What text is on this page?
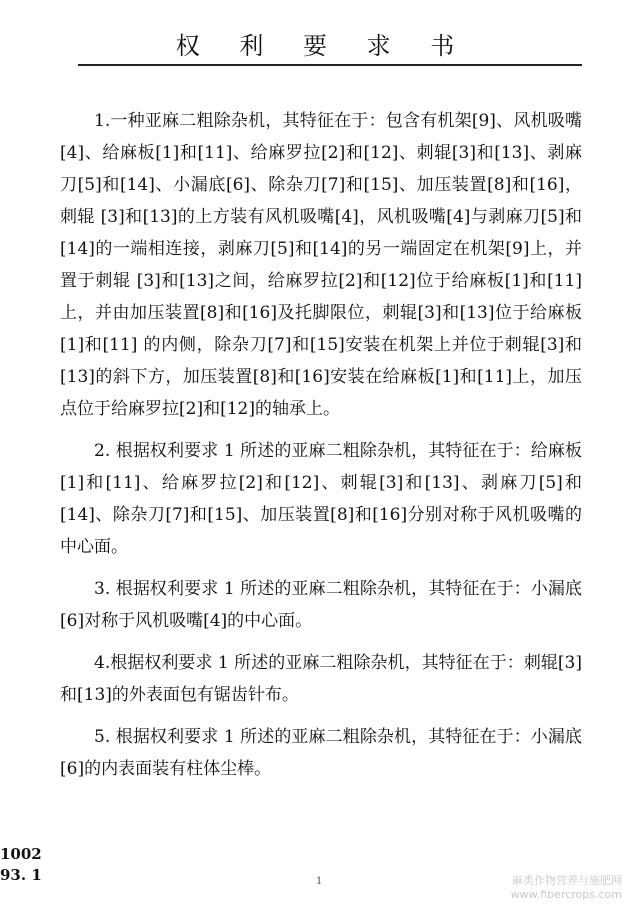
权 利 要 求 书

1.一种亚麻二粗除杂机，其特征在于：包含有机架[9]、风机吸嘴[4]、给麻板[1]和[11]、给麻罗拉[2]和[12]、刺辊[3]和[13]、剥麻刀[5]和[14]、小漏底[6]、除杂刀[7]和[15]、加压装置[8]和[16]，刺辊 [3]和[13]的上方装有风机吸嘴[4]，风机吸嘴[4]与剥麻刀[5]和[14]的一端相连接，剥麻刀[5]和[14]的另一端固定在机架[9]上，并置于刺辊 [3]和[13]之间，给麻罗拉[2]和[12]位于给麻板[1]和[11]上，并由加压装置[8]和[16]及托脚限位，刺辊[3]和[13]位于给麻板[1]和[11] 的内侧，除杂刀[7]和[15]安装在机架上并位于刺辊[3]和[13]的斜下方，加压装置[8]和[16]安装在给麻板[1]和[11]上，加压点位于给麻罗拉[2]和[12]的轴承上。

2. 根据权利要求 1 所述的亚麻二粗除杂机，其特征在于：给麻板[1]和[11]、给麻罗拉[2]和[12]、刺辊[3]和[13]、剥麻刀[5]和[14]、除杂刀[7]和[15]、加压装置[8]和[16]分别对称于风机吸嘴的中心面。

3. 根据权利要求 1 所述的亚麻二粗除杂机，其特征在于：小漏底[6]对称于风机吸嘴[4]的中心面。

4.根据权利要求 1 所述的亚麻二粗除杂机，其特征在于：刺辊[3]和[13]的外表面包有锯齿针布。

5. 根据权利要求 1 所述的亚麻二粗除杂机，其特征在于：小漏底[6]的内表面装有柱体尘棒。

1002
93. 1	1	麻类作物营养与施肥网
www.fibercrops.com
